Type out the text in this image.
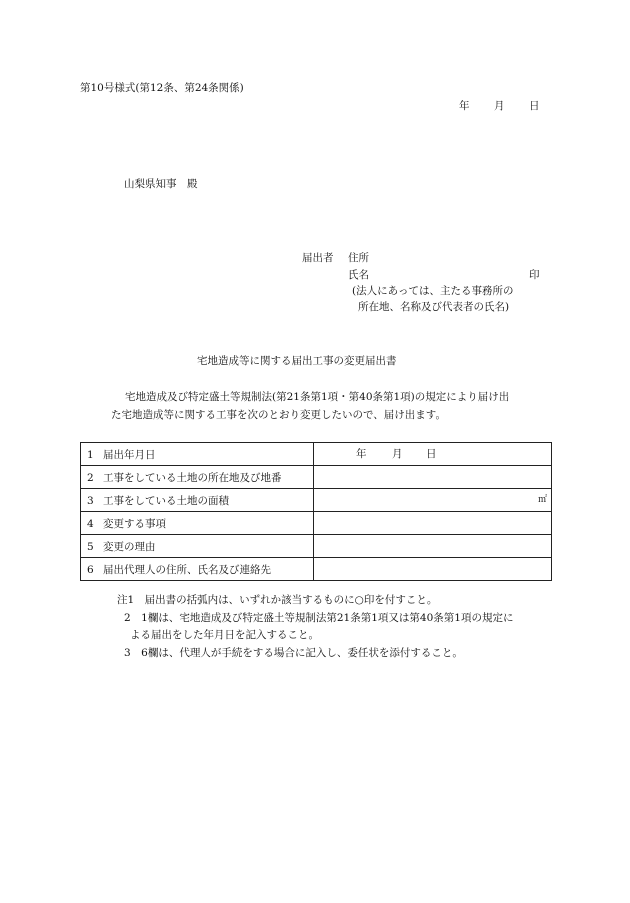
第10号様式(第12条、第24条関係)
年 月 日
山梨県知事　殿
届出者 住所
氏名	印
(法人にあっては、主たる事務所の
所在地、名称及び代表者の氏名)
宅地造成等に関する届出工事の変更届出書
宅地造成及び特定盛土等規制法(第21条第1項・第40条第1項)の規定により届け出
た宅地造成等に関する工事を次のとおり変更したいので、届け出ます。
1 届出年月日	年 月 日

2 工事をしている土地の所在地及び地番	
3 工事をしている土地の面積	㎡

4 変更する事項	
5 変更の理由	
6 届出代理人の住所、氏名及び連絡先	
注1　届出書の括弧内は、いずれか該当するものに○印を付すこと。
2　1欄は、宅地造成及び特定盛土等規制法第21条第1項又は第40条第1項の規定に
よる届出をした年月日を記入すること。
3　6欄は、代理人が手続をする場合に記入し、委任状を添付すること。
